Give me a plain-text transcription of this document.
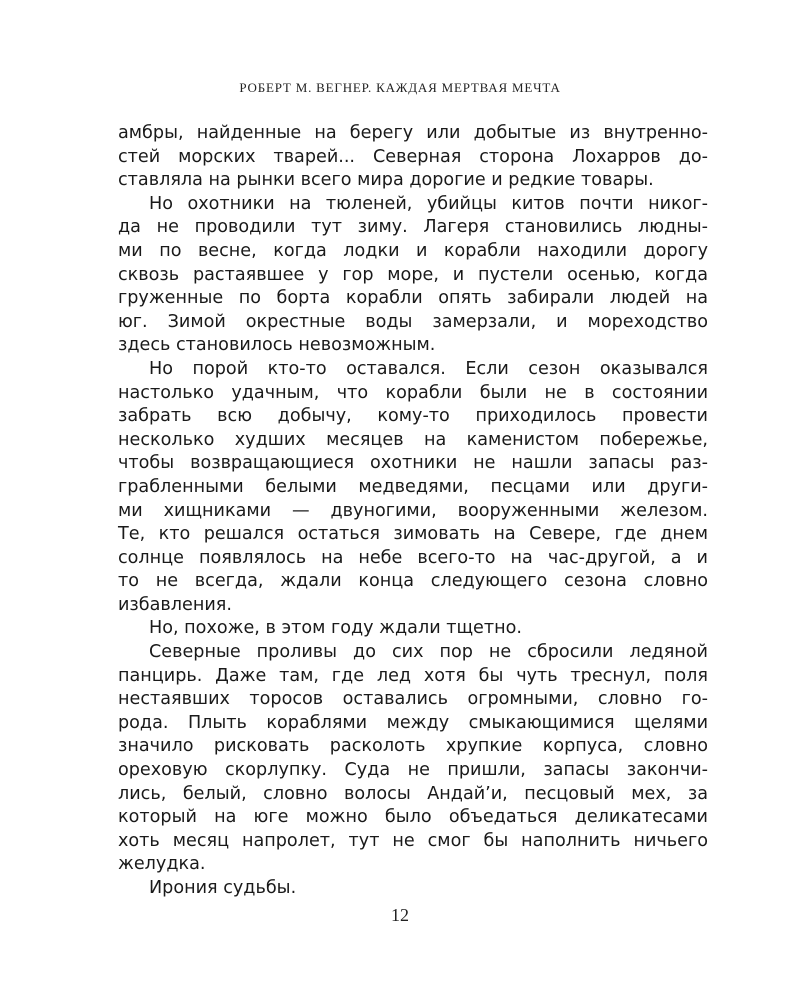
РОБЕРТ М. ВЕГНЕР. КАЖДАЯ МЕРТВАЯ МЕЧТА
амбры, найденные на берегу или добытые из внутренно-
стей морских тварей... Северная сторона Лохарров до-
ставляла на рынки всего мира дорогие и редкие товары.
Но охотники на тюленей, убийцы китов почти никог-
да не проводили тут зиму. Лагеря становились людны-
ми по весне, когда лодки и корабли находили дорогу
сквозь растаявшее у гор море, и пустели осенью, когда
груженные по борта корабли опять забирали людей на
юг. Зимой окрестные воды замерзали, и мореходство
здесь становилось невозможным.
Но порой кто-то оставался. Если сезон оказывался
настолько удачным, что корабли были не в состоянии
забрать всю добычу, кому-то приходилось провести
несколько худших месяцев на каменистом побережье,
чтобы возвращающиеся охотники не нашли запасы раз-
грабленными белыми медведями, песцами или други-
ми хищниками — двуногими, вооруженными железом.
Те, кто решался остаться зимовать на Севере, где днем
солнце появлялось на небе всего-то на час-другой, а и
то не всегда, ждали конца следующего сезона словно
избавления.
Но, похоже, в этом году ждали тщетно.
Северные проливы до сих пор не сбросили ледяной
панцирь. Даже там, где лед хотя бы чуть треснул, поля
нестаявших торосов оставались огромными, словно го-
рода. Плыть кораблями между смыкающимися щелями
значило рисковать расколоть хрупкие корпуса, словно
ореховую скорлупку. Суда не пришли, запасы закончи-
лись, белый, словно волосы Андай’и, песцовый мех, за
который на юге можно было объедаться деликатесами
хоть месяц напролет, тут не смог бы наполнить ничьего
желудка.
Ирония судьбы.
12
